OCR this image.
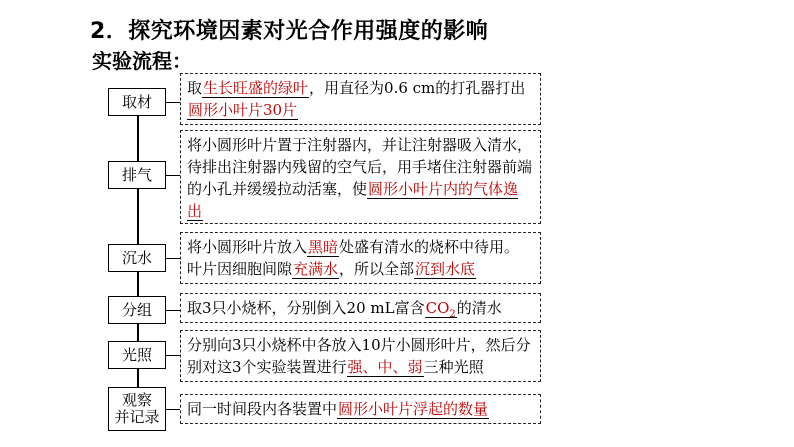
2．探究环境因素对光合作用强度的影响
实验流程：
取材
取生长旺盛的绿叶，用直径为0.6 cm的打孔器打出
圆形小叶片30片
排气
将小圆形叶片置于注射器内，并让注射器吸入清水，待排出注射器内残留的空气后，用手堵住注射器前端的小孔并缓缓拉动活塞，使圆形小叶片内的气体逸出
沉水
将小圆形叶片放入黑暗处盛有清水的烧杯中待用。叶片因细胞间隙充满水，所以全部沉到水底
分组	取3只小烧杯，分别倒入20 mL富含$CO_2$的清水
光照
分别向3只小烧杯中各放入10片小圆形叶片，然后分别对这3个实验装置进行强、中、弱三种光照
观察
并记录	同一时间段内各装置中圆形小叶片浮起的数量
